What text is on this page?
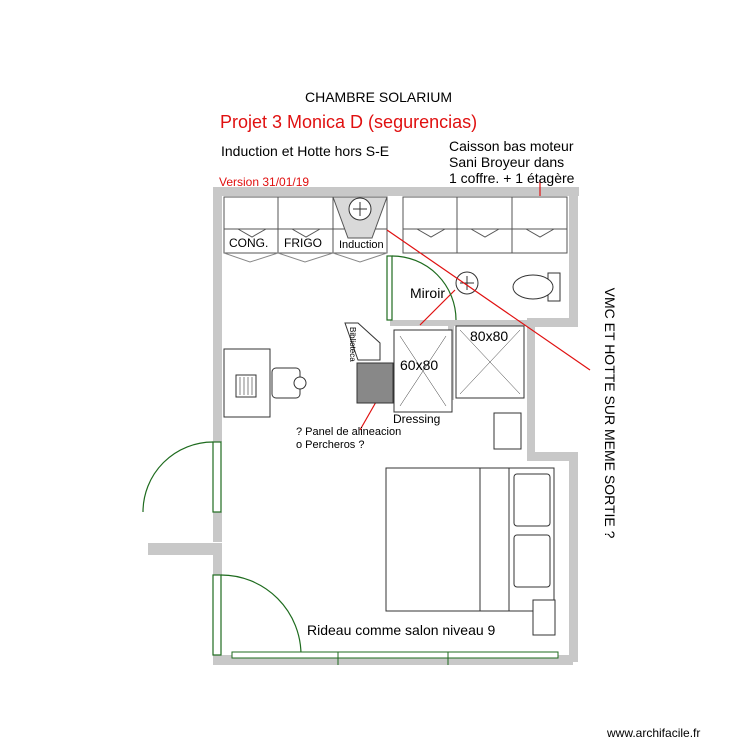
CHAMBRE SOLARIUM
Projet 3 Monica D (segurencias)
Induction et Hotte hors S-E	Caisson bas moteur
Sani Broyeur dans
1 coffre. + 1 étagère
Version 31/01/19
VMC ET HOTTE SUR MEME SORTIE ?
CONG. FRIGO Induction
Miroir
Biblioteca
60x80
80x80
Dressing
? Panel de alineacion
o Percheros ?
Rideau comme salon niveau 9
www.archifacile.fr
